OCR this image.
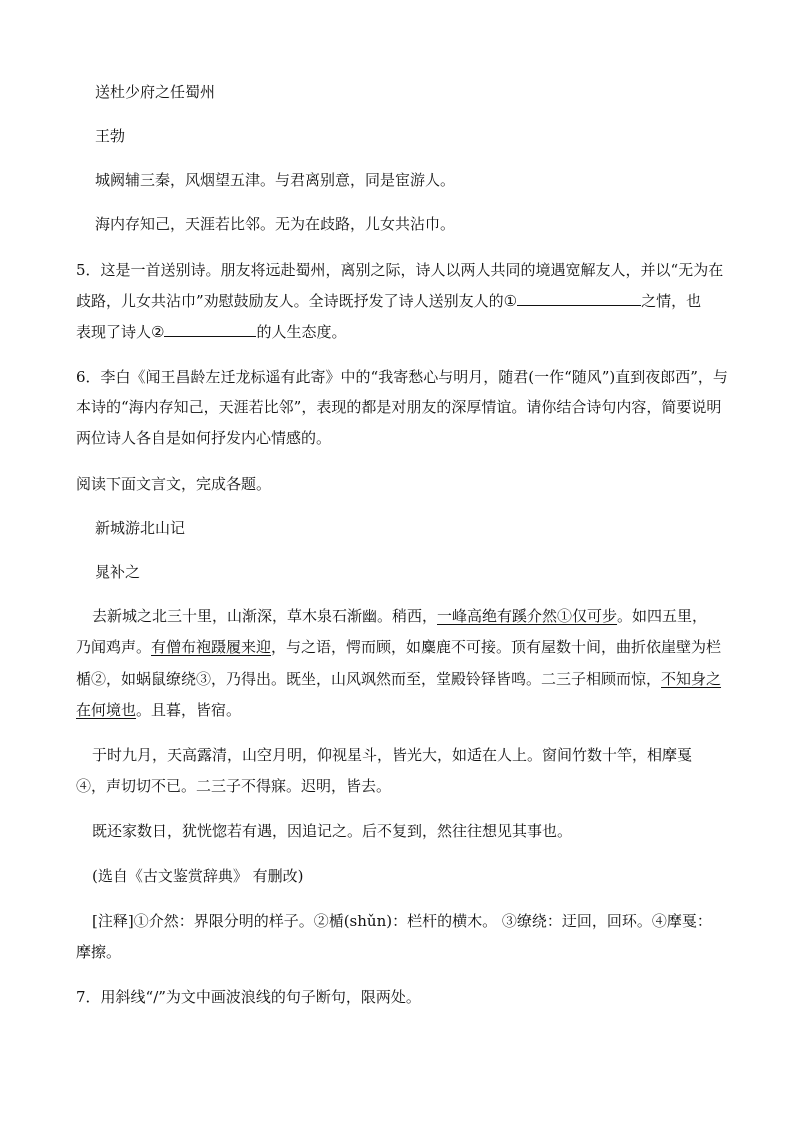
送杜少府之任蜀州
王勃
城阙辅三秦，风烟望五津。与君离别意，同是宦游人。
海内存知己，天涯若比邻。无为在歧路，儿女共沾巾。
5．这是一首送别诗。朋友将远赴蜀州，离别之际，诗人以两人共同的境遇宽解友人，并以“无为在
歧路，儿女共沾巾”劝慰鼓励友人。全诗既抒发了诗人送别友人的①	之情，也
表现了诗人②	的人生态度。
6．李白《闻王昌龄左迁龙标遥有此寄》中的“我寄愁心与明月，随君(一作“随风”)直到夜郎西”，与
本诗的“海内存知己，天涯若比邻”，表现的都是对朋友的深厚情谊。请你结合诗句内容，简要说明
两位诗人各自是如何抒发内心情感的。
阅读下面文言文，完成各题。
新城游北山记
晁补之
去新城之北三十里，山渐深，草木泉石渐幽。稍西，一峰高绝有蹊介然①仅可步。如四五里，
乃闻鸡声。有僧布袍蹑履来迎，与之语，愕而顾，如麋鹿不可接。顶有屋数十间，曲折依崖壁为栏
楯②，如蜗鼠缭绕③，乃得出。既坐，山风飒然而至，堂殿铃铎皆鸣。二三子相顾而惊，不知身之
在何境也。且暮，皆宿。
于时九月，天高露清，山空月明，仰视星斗，皆光大，如适在人上。窗间竹数十竿，相摩戛
④，声切切不已。二三子不得寐。迟明，皆去。
既还家数日，犹恍惚若有遇，因追记之。后不复到，然往往想见其事也。
(选自《古文鉴赏辞典》 有删改)
[注释]①介然：界限分明的样子。②楯(shǔn)：栏杆的横木。 ③缭绕：迂回，回环。④摩戛：
摩擦。
7．用斜线“/”为文中画波浪线的句子断句，限两处。
